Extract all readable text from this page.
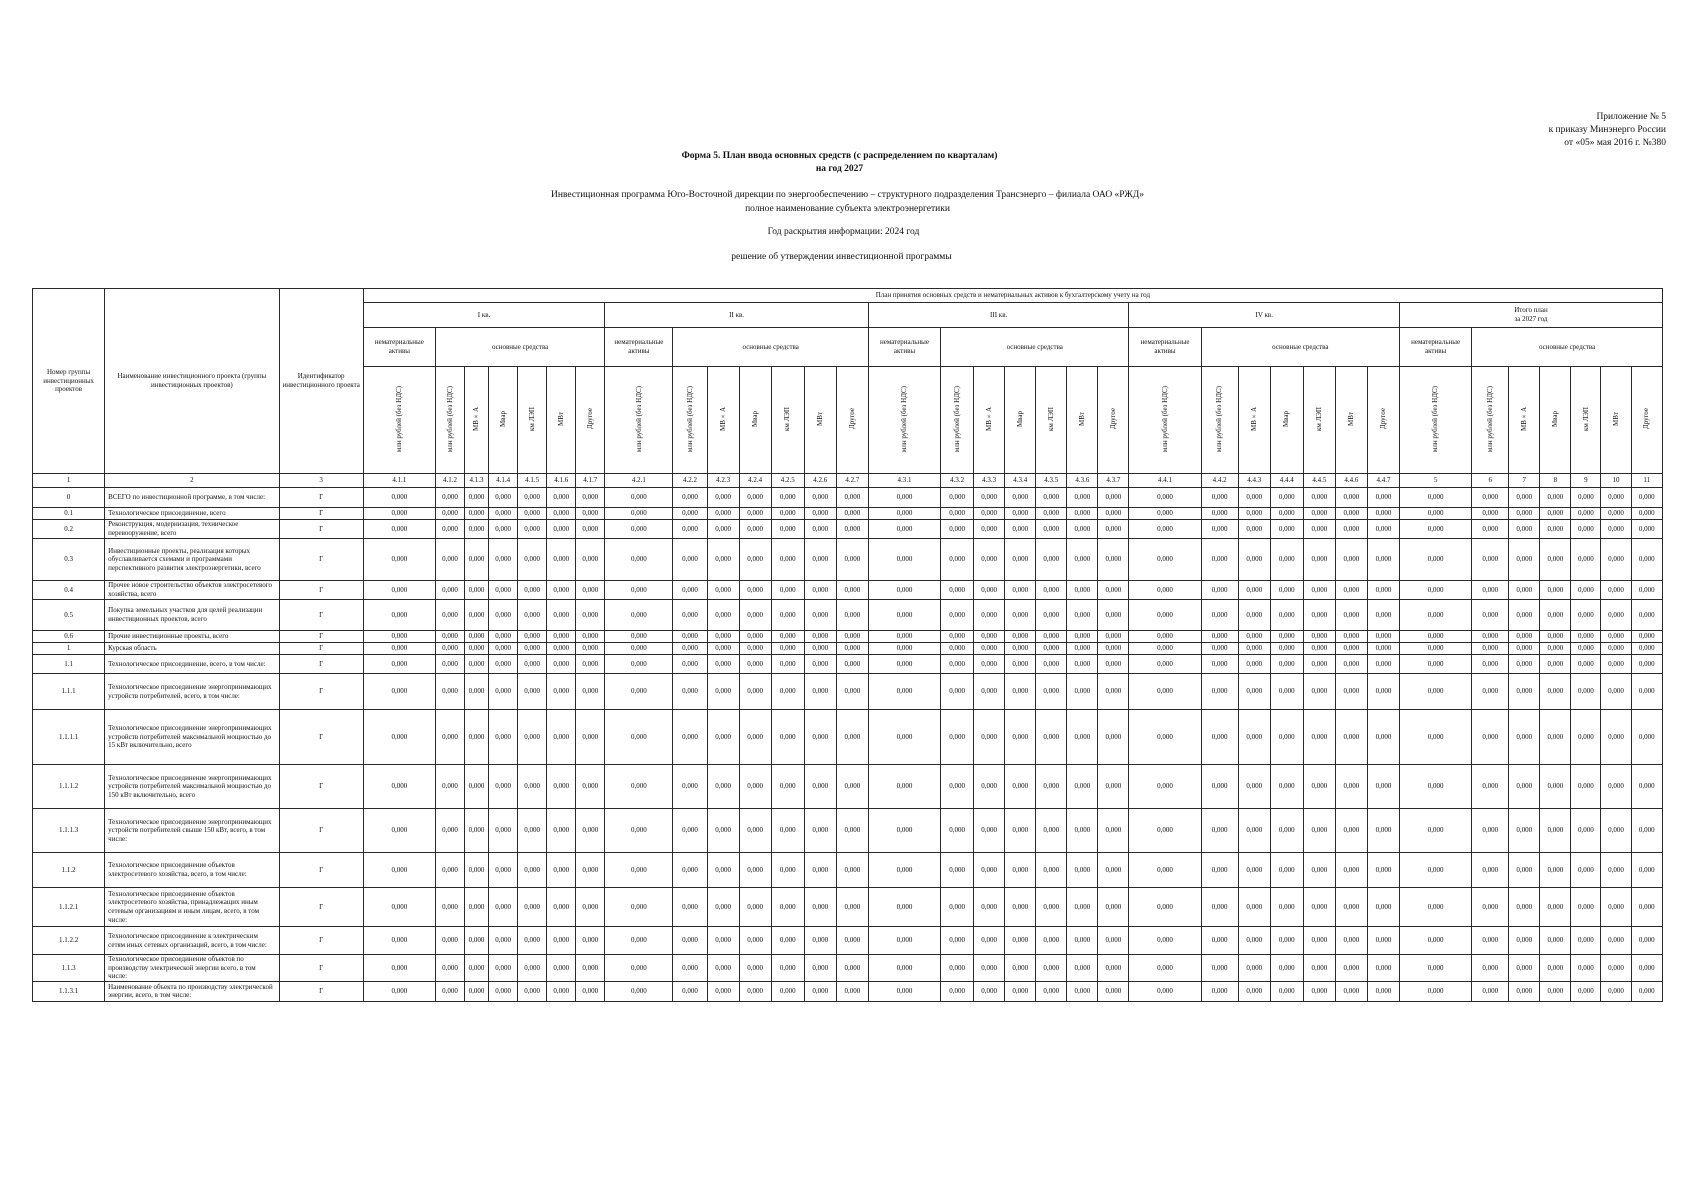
Приложение № 5
к приказу Минэнерго России
от «05» мая 2016 г. №380
Форма 5. План ввода основных средств (с распределением по кварталам)
на год 2027
Инвестиционная программа Юго-Восточной дирекции по энергообеспечению – структурного подразделения Трансэнерго – филиала ОАО «РЖД»
полное наименование субъекта электроэнергетики
Год раскрытия информации: 2024 год
решение об утверждении инвестиционной программы
Номер группы инвестиционных проектов	Наименование инвестиционного проекта (группы инвестиционных проектов)	Идентификатор инвестиционного проекта	План принятия основных средств и нематериальных активов к бухгалтерскому учету на год																																		
			I кв.							II кв.							III кв.							IV кв.							Итого план
за 2027 год						
			нематериальные активы	основные средства						нематериальные активы	основные средства						нематериальные активы	основные средства						нематериальные активы	основные средства						нематериальные активы	основные средства					
			млн рублей (без НДС)	млн рублей (без НДС)	МВ×А	Мвар	км ЛЭП	МВт	Другое	млн рублей (без НДС)	млн рублей (без НДС)	МВ×А	Мвар	км ЛЭП	МВт	Другое	млн рублей (без НДС)	млн рублей (без НДС)	МВ×А	Мвар	км ЛЭП	МВт	Другое	млн рублей (без НДС)	млн рублей (без НДС)	МВ×А	Мвар	км ЛЭП	МВт	Другое	млн рублей (без НДС)	млн рублей (без НДС)	МВ×А	Мвар	км ЛЭП	МВт	Другое
1	2	3	4.1.1	4.1.2	4.1.3	4.1.4	4.1.5	4.1.6	4.1.7	4.2.1	4.2.2	4.2.3	4.2.4	4.2.5	4.2.6	4.2.7	4.3.1	4.3.2	4.3.3	4.3.4	4.3.5	4.3.6	4.3.7	4.4.1	4.4.2	4.4.3	4.4.4	4.4.5	4.4.6	4.4.7	5	6	7	8	9	10	11
0	ВСЕГО по инвестиционной программе, в том числе:	Г	0,000	0,000	0,000	0,000	0,000	0,000	0,000	0,000	0,000	0,000	0,000	0,000	0,000	0,000	0,000	0,000	0,000	0,000	0,000	0,000	0,000	0,000	0,000	0,000	0,000	0,000	0,000	0,000	0,000	0,000	0,000	0,000	0,000	0,000	0,000
0.1	Технологическое присоединение, всего	Г	0,000	0,000	0,000	0,000	0,000	0,000	0,000	0,000	0,000	0,000	0,000	0,000	0,000	0,000	0,000	0,000	0,000	0,000	0,000	0,000	0,000	0,000	0,000	0,000	0,000	0,000	0,000	0,000	0,000	0,000	0,000	0,000	0,000	0,000	0,000
0.2	Реконструкция, модернизация, техническое перевооружение, всего	Г	0,000	0,000	0,000	0,000	0,000	0,000	0,000	0,000	0,000	0,000	0,000	0,000	0,000	0,000	0,000	0,000	0,000	0,000	0,000	0,000	0,000	0,000	0,000	0,000	0,000	0,000	0,000	0,000	0,000	0,000	0,000	0,000	0,000	0,000	0,000
0.3	Инвестиционные проекты, реализация которых обуславливается схемами и программами перспективного развития электроэнергетики, всего	Г	0,000	0,000	0,000	0,000	0,000	0,000	0,000	0,000	0,000	0,000	0,000	0,000	0,000	0,000	0,000	0,000	0,000	0,000	0,000	0,000	0,000	0,000	0,000	0,000	0,000	0,000	0,000	0,000	0,000	0,000	0,000	0,000	0,000	0,000	0,000
0.4	Прочее новое строительство объектов электросетевого хозяйства, всего	Г	0,000	0,000	0,000	0,000	0,000	0,000	0,000	0,000	0,000	0,000	0,000	0,000	0,000	0,000	0,000	0,000	0,000	0,000	0,000	0,000	0,000	0,000	0,000	0,000	0,000	0,000	0,000	0,000	0,000	0,000	0,000	0,000	0,000	0,000	0,000
0.5	Покупка земельных участков для целей реализации инвестиционных проектов, всего	Г	0,000	0,000	0,000	0,000	0,000	0,000	0,000	0,000	0,000	0,000	0,000	0,000	0,000	0,000	0,000	0,000	0,000	0,000	0,000	0,000	0,000	0,000	0,000	0,000	0,000	0,000	0,000	0,000	0,000	0,000	0,000	0,000	0,000	0,000	0,000
0.6	Прочие инвестиционные проекты, всего	Г	0,000	0,000	0,000	0,000	0,000	0,000	0,000	0,000	0,000	0,000	0,000	0,000	0,000	0,000	0,000	0,000	0,000	0,000	0,000	0,000	0,000	0,000	0,000	0,000	0,000	0,000	0,000	0,000	0,000	0,000	0,000	0,000	0,000	0,000	0,000
1	Курская область	Г	0,000	0,000	0,000	0,000	0,000	0,000	0,000	0,000	0,000	0,000	0,000	0,000	0,000	0,000	0,000	0,000	0,000	0,000	0,000	0,000	0,000	0,000	0,000	0,000	0,000	0,000	0,000	0,000	0,000	0,000	0,000	0,000	0,000	0,000	0,000
1.1	Технологическое присоединение, всего, в том числе:	Г	0,000	0,000	0,000	0,000	0,000	0,000	0,000	0,000	0,000	0,000	0,000	0,000	0,000	0,000	0,000	0,000	0,000	0,000	0,000	0,000	0,000	0,000	0,000	0,000	0,000	0,000	0,000	0,000	0,000	0,000	0,000	0,000	0,000	0,000	0,000
1.1.1	Технологическое присоединение энергопринимающих устройств потребителей, всего, в том числе:	Г	0,000	0,000	0,000	0,000	0,000	0,000	0,000	0,000	0,000	0,000	0,000	0,000	0,000	0,000	0,000	0,000	0,000	0,000	0,000	0,000	0,000	0,000	0,000	0,000	0,000	0,000	0,000	0,000	0,000	0,000	0,000	0,000	0,000	0,000	0,000
1.1.1.1	Технологическое присоединение энергопринимающих устройств потребителей максимальной мощностью до 15 кВт включительно, всего	Г	0,000	0,000	0,000	0,000	0,000	0,000	0,000	0,000	0,000	0,000	0,000	0,000	0,000	0,000	0,000	0,000	0,000	0,000	0,000	0,000	0,000	0,000	0,000	0,000	0,000	0,000	0,000	0,000	0,000	0,000	0,000	0,000	0,000	0,000	0,000
1.1.1.2	Технологическое присоединение энергопринимающих устройств потребителей максимальной мощностью до 150 кВт включительно, всего	Г	0,000	0,000	0,000	0,000	0,000	0,000	0,000	0,000	0,000	0,000	0,000	0,000	0,000	0,000	0,000	0,000	0,000	0,000	0,000	0,000	0,000	0,000	0,000	0,000	0,000	0,000	0,000	0,000	0,000	0,000	0,000	0,000	0,000	0,000	0,000
1.1.1.3	Технологическое присоединение энергопринимающих устройств потребителей свыше 150 кВт, всего, в том числе:	Г	0,000	0,000	0,000	0,000	0,000	0,000	0,000	0,000	0,000	0,000	0,000	0,000	0,000	0,000	0,000	0,000	0,000	0,000	0,000	0,000	0,000	0,000	0,000	0,000	0,000	0,000	0,000	0,000	0,000	0,000	0,000	0,000	0,000	0,000	0,000
1.1.2	Технологическое присоединение объектов электросетевого хозяйства, всего, в том числе:	Г	0,000	0,000	0,000	0,000	0,000	0,000	0,000	0,000	0,000	0,000	0,000	0,000	0,000	0,000	0,000	0,000	0,000	0,000	0,000	0,000	0,000	0,000	0,000	0,000	0,000	0,000	0,000	0,000	0,000	0,000	0,000	0,000	0,000	0,000	0,000
1.1.2.1	Технологическое присоединение объектов электросетевого хозяйства, принадлежащих иным сетевым организациям и иным лицам, всего, в том числе:	Г	0,000	0,000	0,000	0,000	0,000	0,000	0,000	0,000	0,000	0,000	0,000	0,000	0,000	0,000	0,000	0,000	0,000	0,000	0,000	0,000	0,000	0,000	0,000	0,000	0,000	0,000	0,000	0,000	0,000	0,000	0,000	0,000	0,000	0,000	0,000
1.1.2.2	Технологическое присоединение к электрическим сетям иных сетевых организаций, всего, в том числе:	Г	0,000	0,000	0,000	0,000	0,000	0,000	0,000	0,000	0,000	0,000	0,000	0,000	0,000	0,000	0,000	0,000	0,000	0,000	0,000	0,000	0,000	0,000	0,000	0,000	0,000	0,000	0,000	0,000	0,000	0,000	0,000	0,000	0,000	0,000	0,000
1.1.3	Технологическое присоединение объектов по производству электрической энергии всего, в том числе:	Г	0,000	0,000	0,000	0,000	0,000	0,000	0,000	0,000	0,000	0,000	0,000	0,000	0,000	0,000	0,000	0,000	0,000	0,000	0,000	0,000	0,000	0,000	0,000	0,000	0,000	0,000	0,000	0,000	0,000	0,000	0,000	0,000	0,000	0,000	0,000
1.1.3.1	Наименование объекта по производству электрической энергии, всего, в том числе:	Г	0,000	0,000	0,000	0,000	0,000	0,000	0,000	0,000	0,000	0,000	0,000	0,000	0,000	0,000	0,000	0,000	0,000	0,000	0,000	0,000	0,000	0,000	0,000	0,000	0,000	0,000	0,000	0,000	0,000	0,000	0,000	0,000	0,000	0,000	0,000
